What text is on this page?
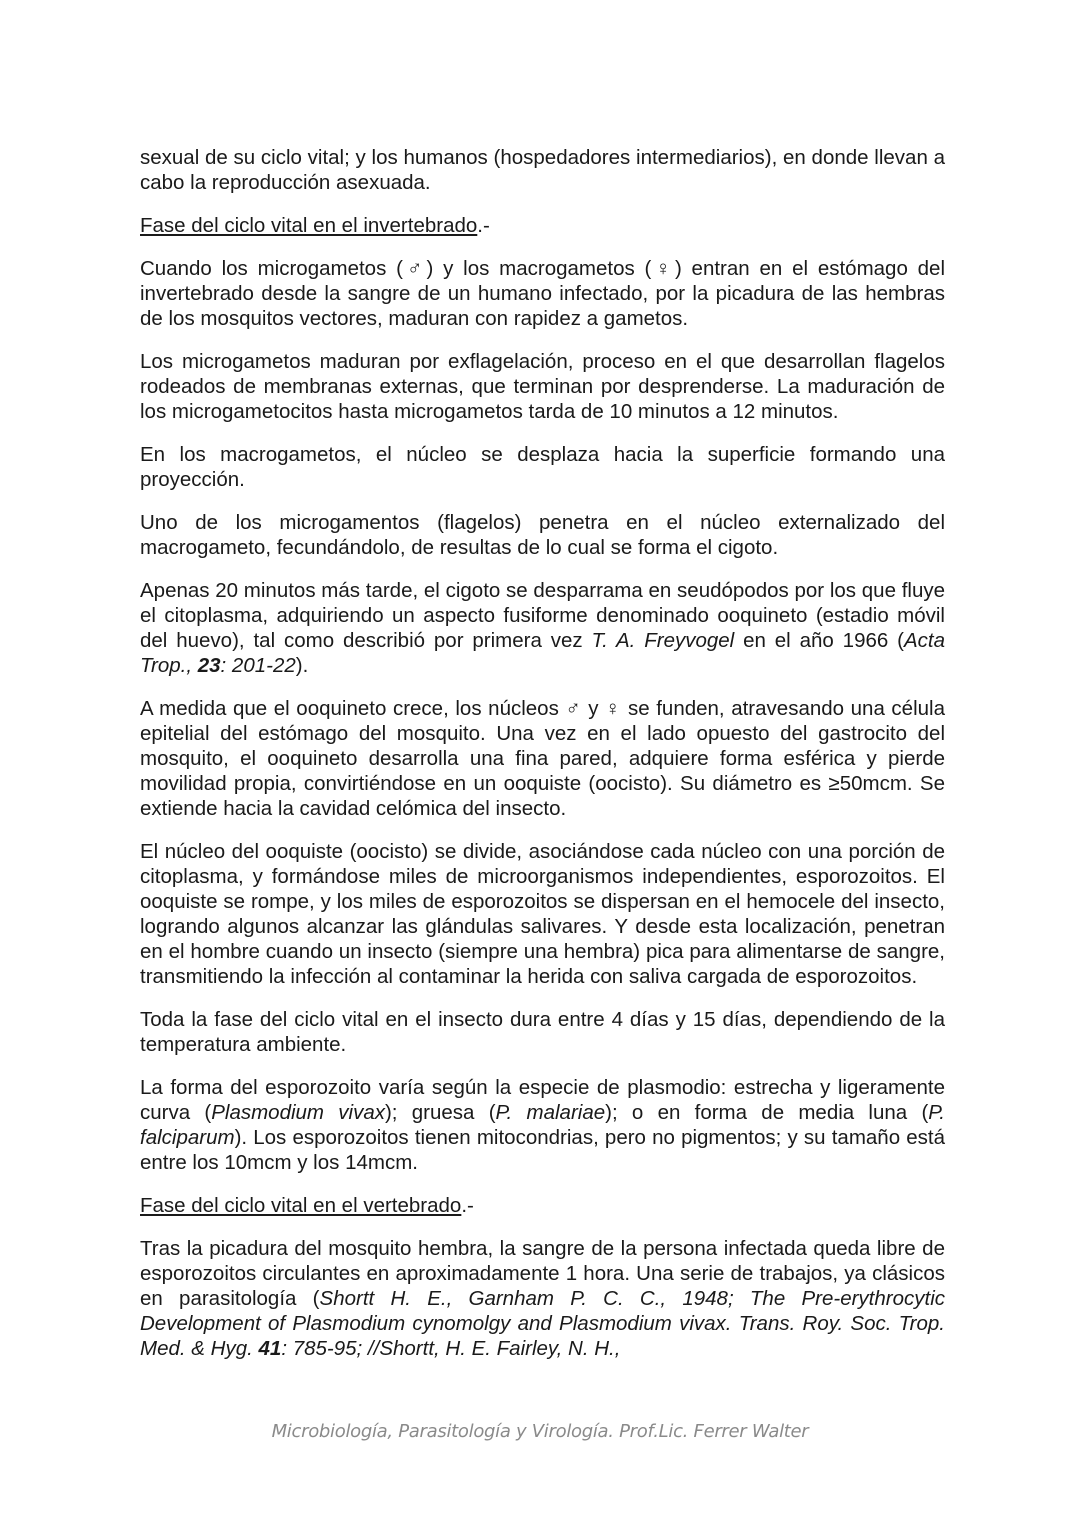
sexual de su ciclo vital; y los humanos (hospedadores intermediarios), en donde llevan a cabo la reproducción asexuada.

Fase del ciclo vital en el invertebrado.-

Cuando los microgametos (♂) y los macrogametos (♀) entran en el estómago del invertebrado desde la sangre de un humano infectado, por la picadura de las hembras de los mosquitos vectores, maduran con rapidez a gametos.

Los microgametos maduran por exflagelación, proceso en el que desarrollan flagelos rodeados de membranas externas, que terminan por desprenderse. La maduración de los microgametocitos hasta microgametos tarda de 10 minutos a 12 minutos.

En los macrogametos, el núcleo se desplaza hacia la superficie formando una proyección.

Uno de los microgamentos (flagelos) penetra en el núcleo externalizado del macrogameto, fecundándolo, de resultas de lo cual se forma el cigoto.

Apenas 20 minutos más tarde, el cigoto se desparrama en seudópodos por los que fluye el citoplasma, adquiriendo un aspecto fusiforme denominado ooquineto (estadio móvil del huevo), tal como describió por primera vez T. A. Freyvogel en el año 1966 (Acta Trop., 23: 201-22).

A medida que el ooquineto crece, los núcleos ♂ y ♀ se funden, atravesando una célula epitelial del estómago del mosquito. Una vez en el lado opuesto del gastrocito del mosquito, el ooquineto desarrolla una fina pared, adquiere forma esférica y pierde movilidad propia, convirtiéndose en un ooquiste (oocisto). Su diámetro es ≥50mcm. Se extiende hacia la cavidad celómica del insecto.

El núcleo del ooquiste (oocisto) se divide, asociándose cada núcleo con una porción de citoplasma, y formándose miles de microorganismos independientes, esporozoitos. El ooquiste se rompe, y los miles de esporozoitos se dispersan en el hemocele del insecto, logrando algunos alcanzar las glándulas salivares. Y desde esta localización, penetran en el hombre cuando un insecto (siempre una hembra) pica para alimentarse de sangre, transmitiendo la infección al contaminar la herida con saliva cargada de esporozoitos.

Toda la fase del ciclo vital en el insecto dura entre 4 días y 15 días, dependiendo de la temperatura ambiente.

La forma del esporozoito varía según la especie de plasmodio: estrecha y ligeramente curva (Plasmodium vivax); gruesa (P. malariae); o en forma de media luna (P. falciparum). Los esporozoitos tienen mitocondrias, pero no pigmentos; y su tamaño está entre los 10mcm y los 14mcm.

Fase del ciclo vital en el vertebrado.-

Tras la picadura del mosquito hembra, la sangre de la persona infectada queda libre de esporozoitos circulantes en aproximadamente 1 hora. Una serie de trabajos, ya clásicos en parasitología (Shortt H. E., Garnham P. C. C., 1948; The Pre-erythrocytic Development of Plasmodium cynomolgy and Plasmodium vivax. Trans. Roy. Soc. Trop. Med. & Hyg. 41: 785-95; //Shortt, H. E. Fairley, N. H.,

Microbiología, Parasitología y Virología. Prof.Lic. Ferrer Walter
